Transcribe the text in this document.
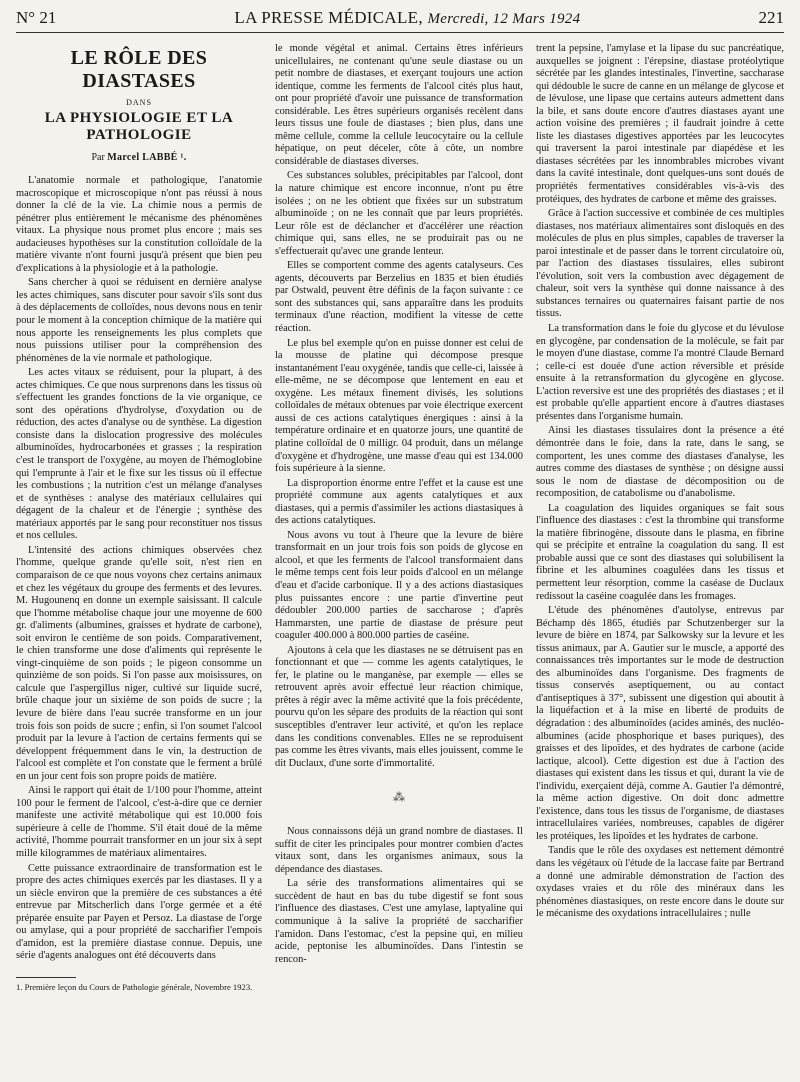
N° 21	LA PRESSE MÉDICALE, Mercredi, 12 Mars 1924	221
LE RÔLE DES DIASTASES
DANS
LA PHYSIOLOGIE ET LA PATHOLOGIE
Par Marcel LABBÉ ¹.

L'anatomie normale et pathologique, l'anatomie macroscopique et microscopique n'ont pas réussi à nous donner la clé de la vie. La chimie nous a permis de pénétrer plus entièrement le mécanisme des phénomènes vitaux. La physique nous promet plus encore ; mais ses audacieuses hypothèses sur la constitution colloïdale de la matière vivante n'ont fourni jusqu'à présent que bien peu d'explications à la physiologie et à la pathologie.

Sans chercher à quoi se réduisent en dernière analyse les actes chimiques, sans discuter pour savoir s'ils sont dus à des déplacements de colloïdes, nous devons nous en tenir pour le moment à la conception chimique de la matière qui nous apporte les renseignements les plus complets que nous puissions utiliser pour la compréhension des phénomènes de la vie normale et pathologique.

Les actes vitaux se réduisent, pour la plupart, à des actes chimiques. Ce que nous surprenons dans les tissus où s'effectuent les grandes fonctions de la vie organique, ce sont des opérations d'hydrolyse, d'oxydation ou de réduction, des actes d'analyse ou de synthèse. La digestion consiste dans la dislocation progressive des molécules albuminoïdes, hydrocarbonées et grasses ; la respiration c'est le transport de l'oxygène, au moyen de l'hémoglobine qui l'emprunte à l'air et le fixe sur les tissus où il effectue les combustions ; la nutrition c'est un mélange d'analyses et de synthèses : analyse des matériaux cellulaires qui dégagent de la chaleur et de l'énergie ; synthèse des matériaux apportés par le sang pour reconstituer nos tissus et nos cellules.

L'intensité des actions chimiques observées chez l'homme, quelque grande qu'elle soit, n'est rien en comparaison de ce que nous voyons chez certains animaux et chez les végétaux du groupe des ferments et des levures. M. Hugounenq en donne un exemple saisissant. Il calcule que l'homme métabolise chaque jour une moyenne de 600 gr. d'aliments (albumines, graisses et hydrate de carbone), soit environ le centième de son poids. Comparativement, le chien transforme une dose d'aliments qui représente le vingt-cinquième de son poids ; le pigeon consomme un quinzième de son poids. Si l'on passe aux moisissures, on calcule que l'aspergillus niger, cultivé sur liquide sucré, brûle chaque jour un sixième de son poids de sucre ; la levure de bière dans l'eau sucrée transforme en un jour trois fois son poids de sucre ; enfin, si l'on soumet l'alcool produit par la levure à l'action de certains ferments qui se développent fréquemment dans le vin, la destruction de l'alcool est complète et l'on constate que le ferment a brûlé en un jour cent fois son propre poids de matière.

Ainsi le rapport qui était de 1/100 pour l'homme, atteint 100 pour le ferment de l'alcool, c'est-à-dire que ce dernier manifeste une activité métabolique qui est 10.000 fois supérieure à celle de l'homme. S'il était doué de la même activité, l'homme pourrait transformer en un jour six à sept mille kilogrammes de matériaux alimentaires.

Cette puissance extraordinaire de transformation est le propre des actes chimiques exercés par les diastases. Il y a un siècle environ que la première de ces substances a été entrevue par Mitscherlich dans l'orge germée et a été préparée ensuite par Payen et Persoz. La diastase de l'orge ou amylase, qui a pour propriété de saccharifier l'empois d'amidon, est la première diastase connue. Depuis, une série d'agents analogues ont été découverts dans

1. Première leçon du Cours de Pathologie générale, Novembre 1923.

le monde végétal et animal. Certains êtres inférieurs unicellulaires, ne contenant qu'une seule diastase ou un petit nombre de diastases, et exerçant toujours une action identique, comme les ferments de l'alcool cités plus haut, ont pour propriété d'avoir une puissance de transformation considérable. Les êtres supérieurs organisés recèlent dans leurs tissus une foule de diastases ; bien plus, dans une même cellule, comme la cellule leucocytaire ou la cellule hépatique, on peut déceler, côte à côte, un nombre considérable de diastases diverses.

Ces substances solubles, précipitables par l'alcool, dont la nature chimique est encore inconnue, n'ont pu être isolées ; on ne les obtient que fixées sur un substratum albuminoïde ; on ne les connaît que par leurs propriétés. Leur rôle est de déclancher et d'accélérer une réaction chimique qui, sans elles, ne se produirait pas ou ne s'effectuerait qu'avec une grande lenteur.

Elles se comportent comme des agents catalyseurs. Ces agents, découverts par Berzelius en 1835 et bien étudiés par Ostwald, peuvent être définis de la façon suivante : ce sont des substances qui, sans apparaître dans les produits terminaux d'une réaction, modifient la vitesse de cette réaction.

Le plus bel exemple qu'on en puisse donner est celui de la mousse de platine qui décompose presque instantanément l'eau oxygénée, tandis que celle-ci, laissée à elle-même, ne se décompose que lentement en eau et oxygène. Les métaux finement divisés, les solutions colloïdales de métaux obtenues par voie électrique exercent aussi de ces actions catalytiques énergiques : ainsi à la température ordinaire et en quatorze jours, une quantité de platine colloïdal de 0 milligr. 04 produit, dans un mélange d'oxygène et d'hydrogène, une masse d'eau qui est 134.000 fois supérieure à la sienne.

La disproportion énorme entre l'effet et la cause est une propriété commune aux agents catalytiques et aux diastases, qui a permis d'assimiler les actions diastasiques à des actions catalytiques.

Nous avons vu tout à l'heure que la levure de bière transformait en un jour trois fois son poids de glycose en alcool, et que les ferments de l'alcool transformaient dans le même temps cent fois leur poids d'alcool en un mélange d'eau et d'acide carbonique. Il y a des actions diastasiques plus puissantes encore : une partie d'invertine peut dédoubler 200.000 parties de saccharose ; d'après Hammarsten, une partie de diastase de présure peut coaguler 400.000 à 800.000 parties de caséine.

Ajoutons à cela que les diastases ne se détruisent pas en fonctionnant et que — comme les agents catalytiques, le fer, le platine ou le manganèse, par exemple — elles se retrouvent après avoir effectué leur réaction chimique, prêtes à régir avec la même activité que la fois précédente, pourvu qu'on les sépare des produits de la réaction qui sont susceptibles d'entraver leur activité, et qu'on les replace dans les conditions convenables. Elles ne se reproduisent pas comme les êtres vivants, mais elles jouissent, comme le dit Duclaux, d'une sorte d'immortalité.

⁂

Nous connaissons déjà un grand nombre de diastases. Il suffit de citer les principales pour montrer combien d'actes vitaux sont, dans les organismes animaux, sous la dépendance des diastases.

La série des transformations alimentaires qui se succèdent de haut en bas du tube digestif se font sous l'influence des diastases. C'est une amylase, laptyaline qui communique à la salive la propriété de saccharifier l'amidon. Dans l'estomac, c'est la pepsine qui, en milieu acide, peptonise les albuminoïdes. Dans l'intestin se rencon-

trent la pepsine, l'amylase et la lipase du suc pancréatique, auxquelles se joignent : l'érepsine, diastase protéolytique sécrétée par les glandes intestinales, l'invertine, saccharase qui dédouble le sucre de canne en un mélange de glycose et de lévulose, une lipase que certains auteurs admettent dans la bile, et sans doute encore d'autres diastases ayant une action voisine des premières ; il faudrait joindre à cette liste les diastases digestives apportées par les leucocytes qui traversent la paroi intestinale par diapédèse et les diastases sécrétées par les innombrables microbes vivant dans la cavité intestinale, dont quelques-uns sont doués de propriétés fermentatives considérables vis-à-vis des protéiques, des hydrates de carbone et même des graisses.

Grâce à l'action successive et combinée de ces multiples diastases, nos matériaux alimentaires sont disloqués en des molécules de plus en plus simples, capables de traverser la paroi intestinale et de passer dans le torrent circulatoire où, par l'action des diastases tissulaires, elles subiront l'évolution, soit vers la combustion avec dégagement de chaleur, soit vers la synthèse qui donne naissance à des substances ternaires ou quaternaires faisant partie de nos tissus.

La transformation dans le foie du glycose et du lévulose en glycogène, par condensation de la molécule, se fait par le moyen d'une diastase, comme l'a montré Claude Bernard ; celle-ci est douée d'une action réversible et préside ensuite à la retransformation du glycogène en glycose. L'action reversive est une des propriétés des diastases ; et il est probable qu'elle appartient encore à d'autres diastases présentes dans l'organisme humain.

Ainsi les diastases tissulaires dont la présence a été démontrée dans le foie, dans la rate, dans le sang, se comportent, les unes comme des diastases d'analyse, les autres comme des diastases de synthèse ; on désigne aussi sous le nom de diastase de décomposition ou de recomposition, de catabolisme ou d'anabolisme.

La coagulation des liquides organiques se fait sous l'influence des diastases : c'est la thrombine qui transforme la matière fibrinogène, dissoute dans le plasma, en fibrine qui se précipite et entraîne la coagulation du sang. Il est probable aussi que ce sont des diastases qui solubilisent la fibrine et les albumines coagulées dans les tissus et permettent leur résorption, comme la caséase de Duclaux redissout la caséine coagulée dans les fromages.

L'étude des phénomènes d'autolyse, entrevus par Béchamp dès 1865, étudiés par Schutzenberger sur la levure de bière en 1874, par Salkowsky sur la levure et les tissus animaux, par A. Gautier sur le muscle, a apporté des connaissances très importantes sur le mode de destruction des albuminoïdes dans l'organisme. Des fragments de tissus conservés aseptiquement, ou au contact d'antiseptiques à 37°, subissent une digestion qui aboutit à la liquéfaction et à la mise en liberté de produits de dégradation : des albuminoïdes (acides aminés, des nucléo-albumines (acide phosphorique et bases puriques), des graisses et des lipoïdes, et des hydrates de carbone (acide lactique, alcool). Cette digestion est due à l'action des diastases qui existent dans les tissus et qui, durant la vie de l'individu, exerçaient déjà, comme A. Gautier l'a démontré, la même action digestive. On doit donc admettre l'existence, dans tous les tissus de l'organisme, de diastases intracellulaires variées, nombreuses, capables de digérer les protéiques, les lipoïdes et les hydrates de carbone.

Tandis que le rôle des oxydases est nettement démontré dans les végétaux où l'étude de la laccase faite par Bertrand a donné une admirable démonstration de l'action des oxydases vraies et du rôle des minéraux dans les phénomènes diastasiques, on reste encore dans le doute sur le mécanisme des oxydations intracellulaires ; nulle
